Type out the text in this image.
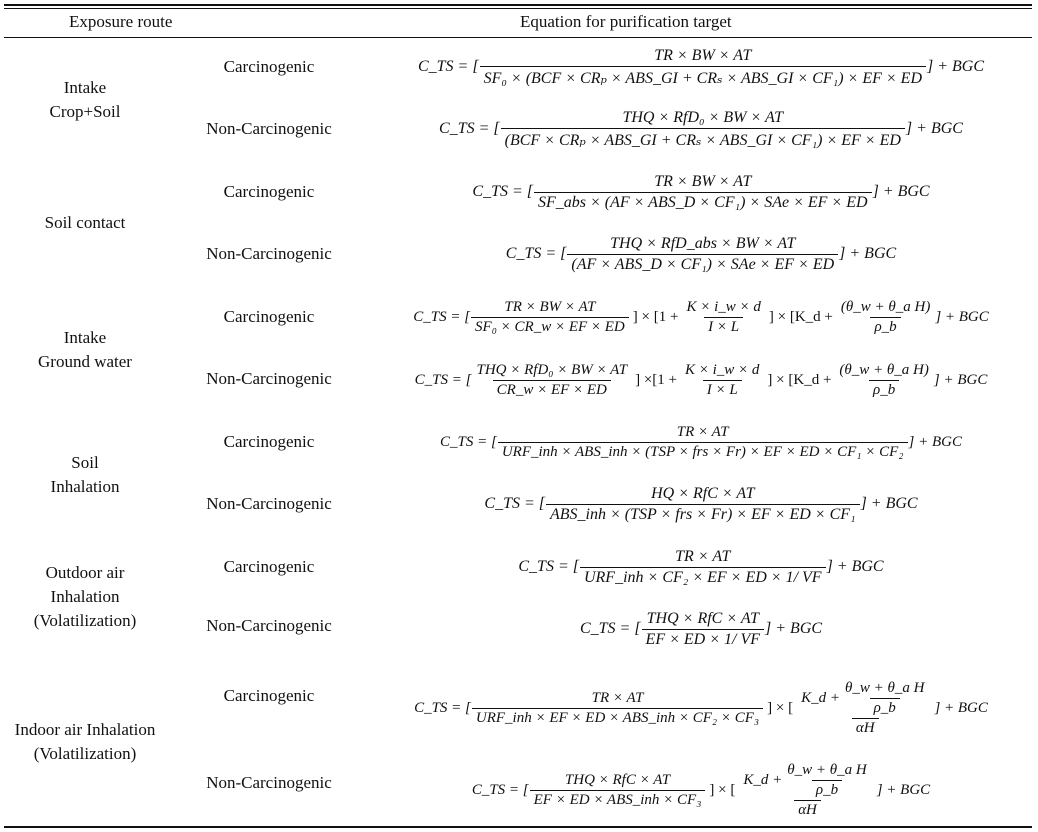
Exposure route	Equation for purification target
Intake
Crop+Soil
Soil contact
Intake
Ground water
Soil
Inhalation
Outdoor air
Inhalation
(Volatilization)
Indoor air Inhalation
(Volatilization)
Carcinogenic
Non-Carcinogenic
Carcinogenic
Non-Carcinogenic
Carcinogenic
Non-Carcinogenic
Carcinogenic
Non-Carcinogenic
Carcinogenic
Non-Carcinogenic
Carcinogenic
Non-Carcinogenic
C_TS = [ $\frac{TR \times BW \times AT}{\text{SF₀ × (BCF × CRₚ × ABS\_GI + CRₛ × ABS\_GI × CF₁) × EF × ED}}$ ] + BGC
C_TS = [ $\frac{\text{THQ × RfD₀ × BW × AT}}{\text{(BCF × CRₚ × ABS\_GI + CRₛ × ABS\_GI × CF₁) × EF × ED}}$ ] + BGC
C_TS = [ $\frac{TR \times BW \times AT}{\text{SF\_abs × (AF × ABS\_D × CF₁) × SAe × EF × ED}}$ ] + BGC
C_TS = [ $\frac{\text{THQ × RfD\_abs × BW × AT}}{\text{(AF × ABS\_D × CF₁) × SAe × EF × ED}}$ ] + BGC
C_TS = [ $\frac{TR \times BW \times AT}{\text{SF₀ × CR\_w × EF × ED}}$ ] × [$1 + \frac{K \times i\_w \times d}{I \times L}$ ] × [K_d + $\frac{\text{(θ\_w + θ\_a H)}}{\rho\_b}$ ] + BGC
C_TS = [ $\frac{\text{THQ × RfD₀ × BW × AT}}{CR\_w \times EF \times ED}$ ] $\times[1 + \frac{K \times i\_w \times d}{I \times L}$ ] × [K_d + $\frac{\text{(θ\_w + θ\_a H)}}{\rho\_b}$ ] + BGC
C_TS = [ $\frac{TR \times AT}{\text{URF\_inh × ABS\_inh × (TSP × frs × Fr) × EF × ED × CF₁ × CF₂}}$ ] + BGC
C_TS = [ $\frac{\text{HQ × RfC × AT}}{\text{ABS\_inh × (TSP × frs × Fr) × EF × ED × CF₁}}$ ] + BGC
C_TS = [ $\frac{TR \times AT}{\text{URF\_inh × CF₂ × EF × ED × 1/ VF}}$ ] + BGC
C_TS = [ $\frac{\text{THQ × RfC × AT}}{EF \times ED \times 1/ VF}$ ] + BGC
C_TS = [ $\frac{TR \times AT}{\text{URF\_inh × EF × ED × ABS\_inh × CF₂ × CF₃}}$ ] × [ $\frac{K\_d + \frac{\text{θ\_w + θ\_a H}}{\rho\_b}}{\alpha H}$ ] + BGC
C_TS = [ $\frac{\text{THQ × RfC × AT}}{\text{EF × ED × ABS\_inh × CF₃}}$ ] × [ $\frac{K\_d + \frac{\text{θ\_w + θ\_a H}}{\rho\_b}}{\alpha H}$ ] + BGC
